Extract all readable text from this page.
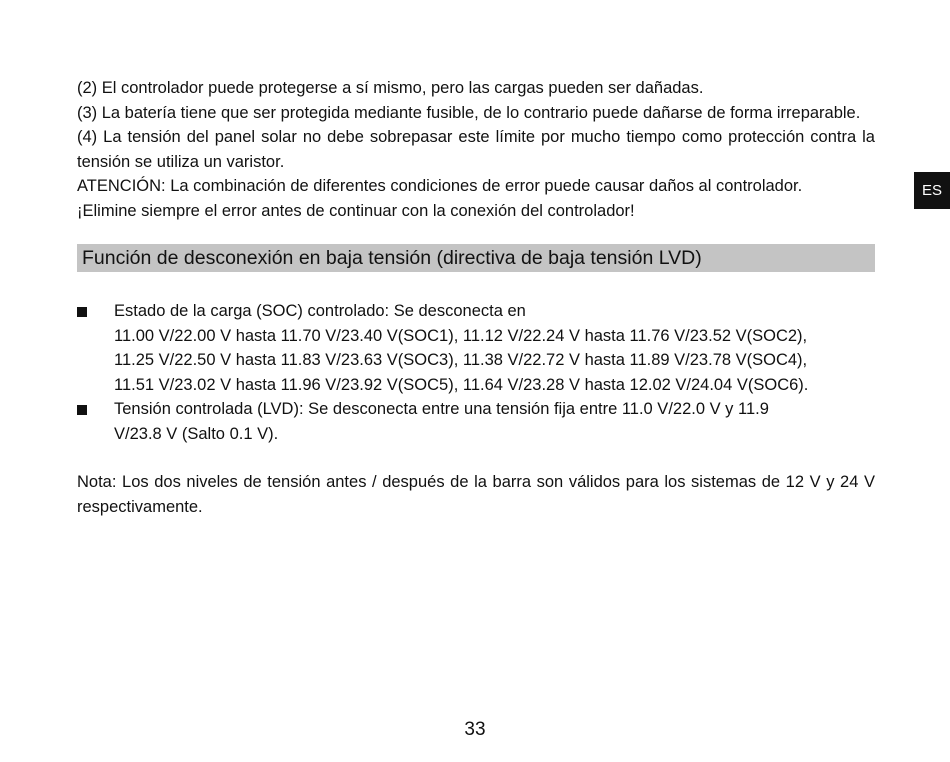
(2) El controlador puede protegerse a sí mismo, pero las cargas pueden ser dañadas.

(3) La batería tiene que ser protegida mediante fusible, de lo contrario puede dañarse de forma irreparable.

(4) La tensión del panel solar no debe sobrepasar este límite por mucho tiempo como protección contra la tensión se utiliza un varistor.

ATENCIÓN: La combinación de diferentes condiciones de error puede causar daños al controlador.

¡Elimine siempre el error antes de continuar con la conexión del controlador!

Función de desconexión en baja tensión (directiva de baja tensión LVD)
Estado de la carga (SOC) controlado: Se desconecta en
11.00 V/22.00 V hasta 11.70 V/23.40 V(SOC1), 11.12 V/22.24 V hasta 11.76 V/23.52 V(SOC2),
11.25 V/22.50 V hasta 11.83 V/23.63 V(SOC3), 11.38 V/22.72 V hasta 11.89 V/23.78 V(SOC4),
11.51 V/23.02 V hasta 11.96 V/23.92 V(SOC5), 11.64 V/23.28 V hasta 12.02 V/24.04 V(SOC6).
Tensión controlada (LVD): Se desconecta entre una tensión fija entre 11.0 V/22.0 V y 11.9
V/23.8 V (Salto 0.1 V).

Nota: Los dos niveles de tensión antes / después de la barra son válidos para los sistemas de 12 V y 24 V respectivamente.

ES
33
